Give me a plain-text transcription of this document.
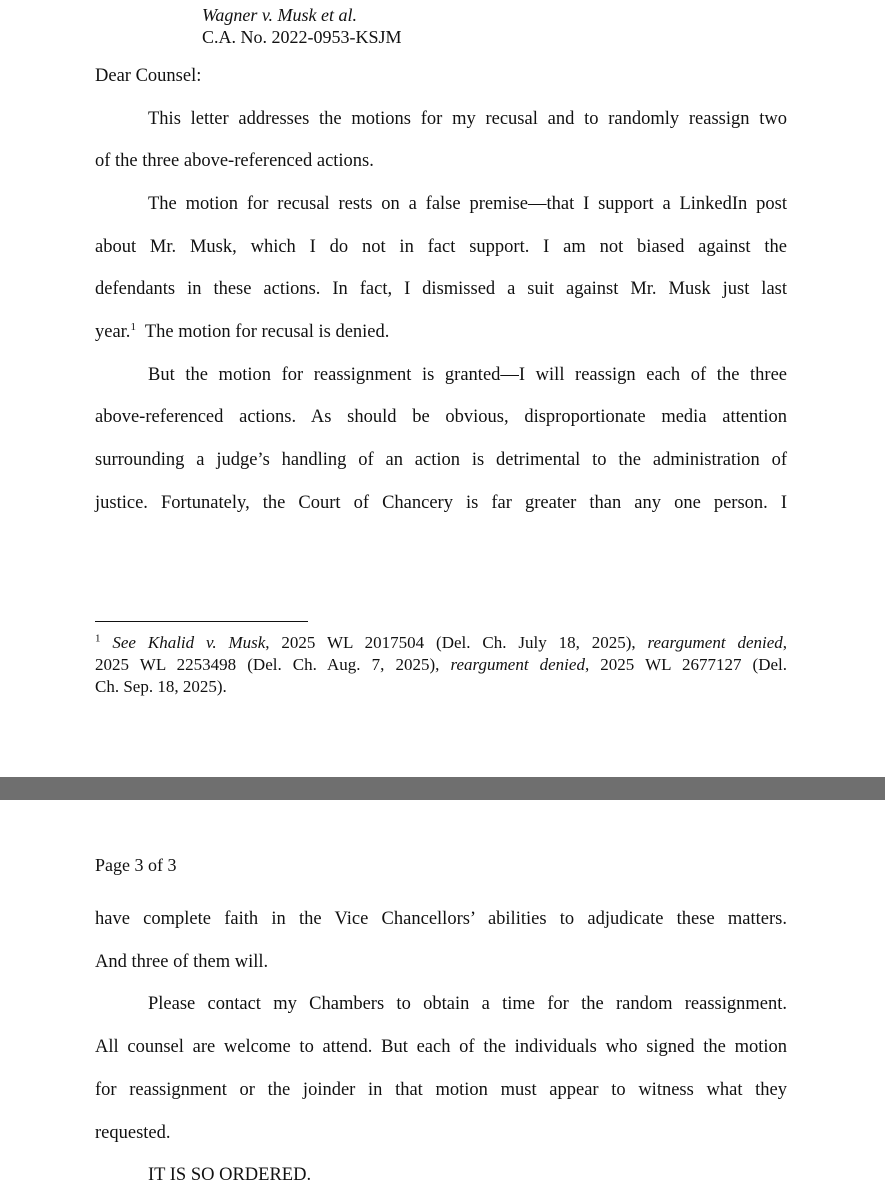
Wagner v. Musk et al.
C.A. No. 2022-0953-KSJM
Dear Counsel:
This letter addresses the motions for my recusal and to randomly reassign two
of the three above-referenced actions.
The motion for recusal rests on a false premise—that I support a LinkedIn post
about Mr. Musk, which I do not in fact support. I am not biased against the
defendants in these actions. In fact, I dismissed a suit against Mr. Musk just last
year.$^1$ The motion for recusal is denied.
But the motion for reassignment is granted—I will reassign each of the three
above-referenced actions. As should be obvious, disproportionate media attention
surrounding a judge’s handling of an action is detrimental to the administration of
justice. Fortunately, the Court of Chancery is far greater than any one person. I
$^1$ See Khalid v. Musk, 2025 WL 2017504 (Del. Ch. July 18, 2025), reargument denied,
2025 WL 2253498 (Del. Ch. Aug. 7, 2025), reargument denied, 2025 WL 2677127 (Del.
Ch. Sep. 18, 2025).
Page 3 of 3
have complete faith in the Vice Chancellors’ abilities to adjudicate these matters.
And three of them will.
Please contact my Chambers to obtain a time for the random reassignment.
All counsel are welcome to attend. But each of the individuals who signed the motion
for reassignment or the joinder in that motion must appear to witness what they
requested.
IT IS SO ORDERED.
